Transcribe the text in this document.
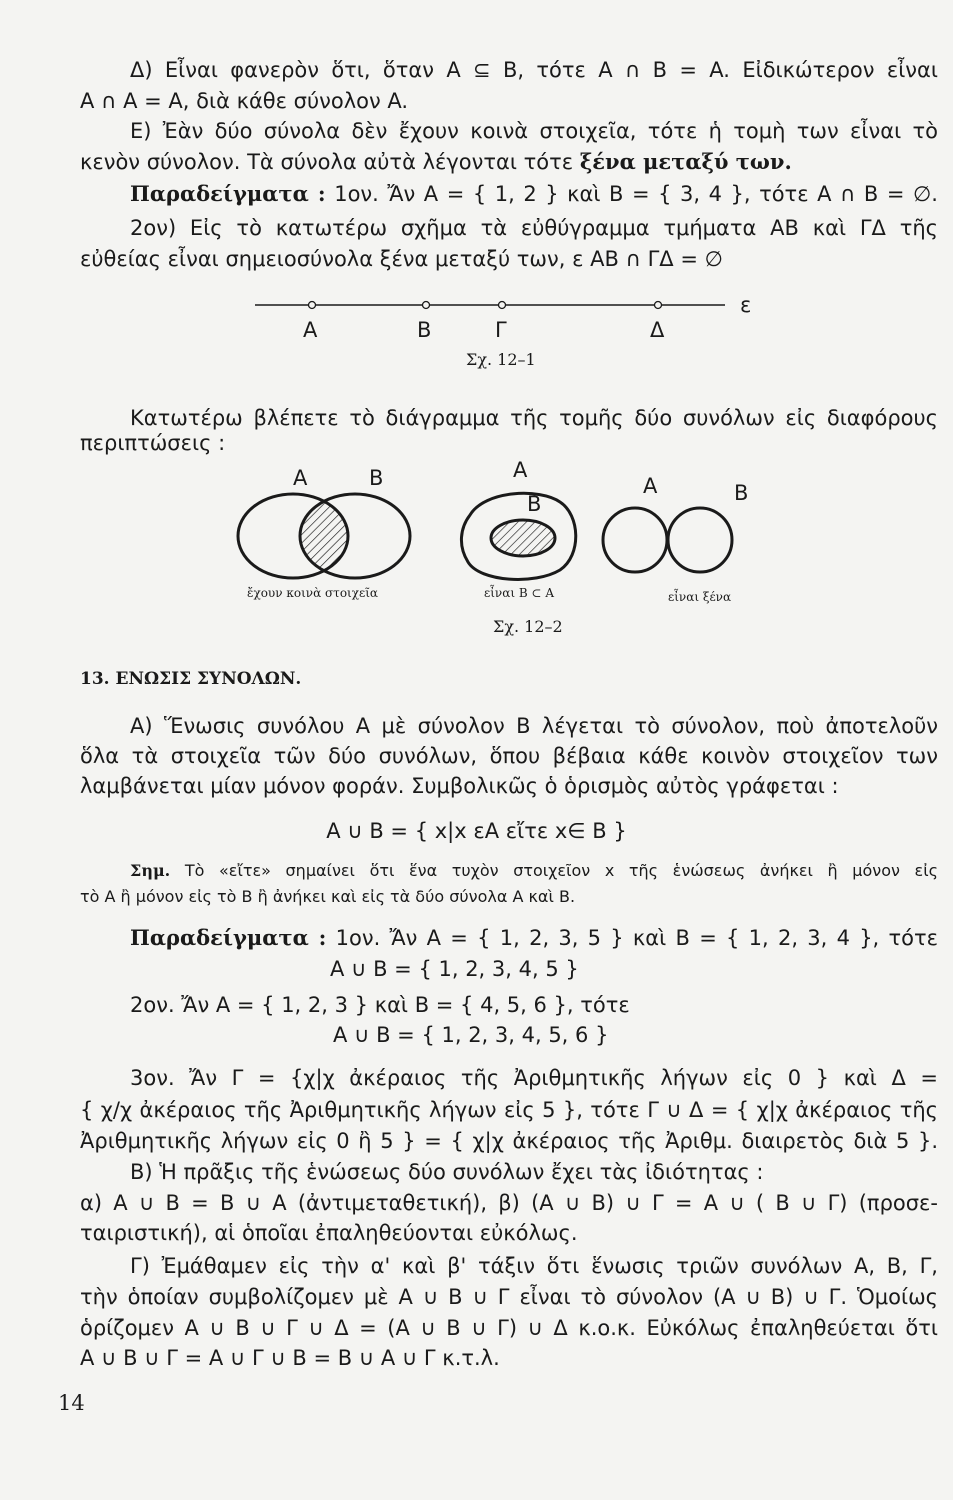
Δ) Εἶναι φανερὸν ὅτι, ὅταν A ⊆ B, τότε A ∩ B = A. Εἰδικώτερον εἶναι
A ∩ A = A, διὰ κάθε σύνολον A.
E) Ἐὰν δύο σύνολα δὲν ἔχουν κοινὰ στοιχεῖα, τότε ἡ τομὴ των εἶναι τὸ
κενὸν σύνολον. Τὰ σύνολα αὐτὰ λέγονται τότε ξένα μεταξύ των.
Παραδείγματα : 1ον. Ἄν A = { 1, 2 } καὶ B = { 3, 4 }, τότε A ∩ B = ∅.
2ον) Εἰς τὸ κατωτέρω σχῆμα τὰ εὐθύγραμμα τμήματα AB καὶ ΓΔ τῆς
εὐθείας εἶναι σημειοσύνολα ξένα μεταξύ των, ε AB ∩ ΓΔ = ∅
A	B	Γ	Δ
ε
Σχ. 12–1
Κατωτέρω βλέπετε τὸ διάγραμμα τῆς τομῆς δύο συνόλων εἰς διαφόρους
περιπτώσεις :
A	B	A
B
A	B
ἔχουν κοινὰ στοιχεῖα	εἶναι B ⊂ A	εἶναι ξένα
Σχ. 12–2
13. ΕΝΩΣΙΣ ΣΥΝΟΛΩΝ.
A) Ἕνωσις συνόλου A μὲ σύνολον B λέγεται τὸ σύνολον, ποὺ ἀποτελοῦν
ὅλα τὰ στοιχεῖα τῶν δύο συνόλων, ὅπου βέβαια κάθε κοινὸν στοιχεῖον των
λαμβάνεται μίαν μόνον φοράν. Συμβολικῶς ὁ ὁρισμὸς αὐτὸς γράφεται :
A ∪ B = { x|x εA εἴτε x∈ B }
Σημ. Τὸ «εἴτε» σημαίνει ὅτι ἕνα τυχὸν στοιχεῖον x τῆς ἑνώσεως ἀνήκει ἢ μόνον εἰς
τὸ A ἢ μόνον εἰς τὸ B ἢ ἀνήκει καὶ εἰς τὰ δύο σύνολα A καὶ B.
Παραδείγματα : 1ον. Ἄν A = { 1, 2, 3, 5 } καὶ B = { 1, 2, 3, 4 }, τότε
A ∪ B = { 1, 2, 3, 4, 5 }
2ον. Ἄν A = { 1, 2, 3 } καὶ B = { 4, 5, 6 }, τότε
A ∪ B = { 1, 2, 3, 4, 5, 6 }
3ον. Ἄν Γ = {χ|χ ἀκέραιος τῆς Ἀριθμητικῆς λήγων εἰς 0 } καὶ Δ =
{ χ/χ ἀκέραιος τῆς Ἀριθμητικῆς λήγων εἰς 5 }, τότε Γ ∪ Δ = { χ|χ ἀκέραιος τῆς
Ἀριθμητικῆς λήγων εἰς 0 ἢ 5 } = { χ|χ ἀκέραιος τῆς Ἀριθμ. διαιρετὸς διὰ 5 }.
B) Ἡ πρᾶξις τῆς ἑνώσεως δύο συνόλων ἔχει τὰς ἰδιότητας :
α) A ∪ B = B ∪ A (ἀντιμεταθετική), β) (A ∪ B) ∪ Γ = A ∪ ( B ∪ Γ) (προσε-
ταιριστική), αἱ ὁποῖαι ἐπαληθεύονται εὐκόλως.
Γ) Ἐμάθαμεν εἰς τὴν α' καὶ β' τάξιν ὅτι ἕνωσις τριῶν συνόλων A, B, Γ,
τὴν ὁποίαν συμβολίζομεν μὲ A ∪ B ∪ Γ εἶναι τὸ σύνολον (A ∪ B) ∪ Γ. Ὁμοίως
ὁρίζομεν A ∪ B ∪ Γ ∪ Δ = (A ∪ B ∪ Γ) ∪ Δ κ.ο.κ. Εὐκόλως ἐπαληθεύεται ὅτι
A ∪ B ∪ Γ = A ∪ Γ ∪ B = B ∪ A ∪ Γ κ.τ.λ.
14
